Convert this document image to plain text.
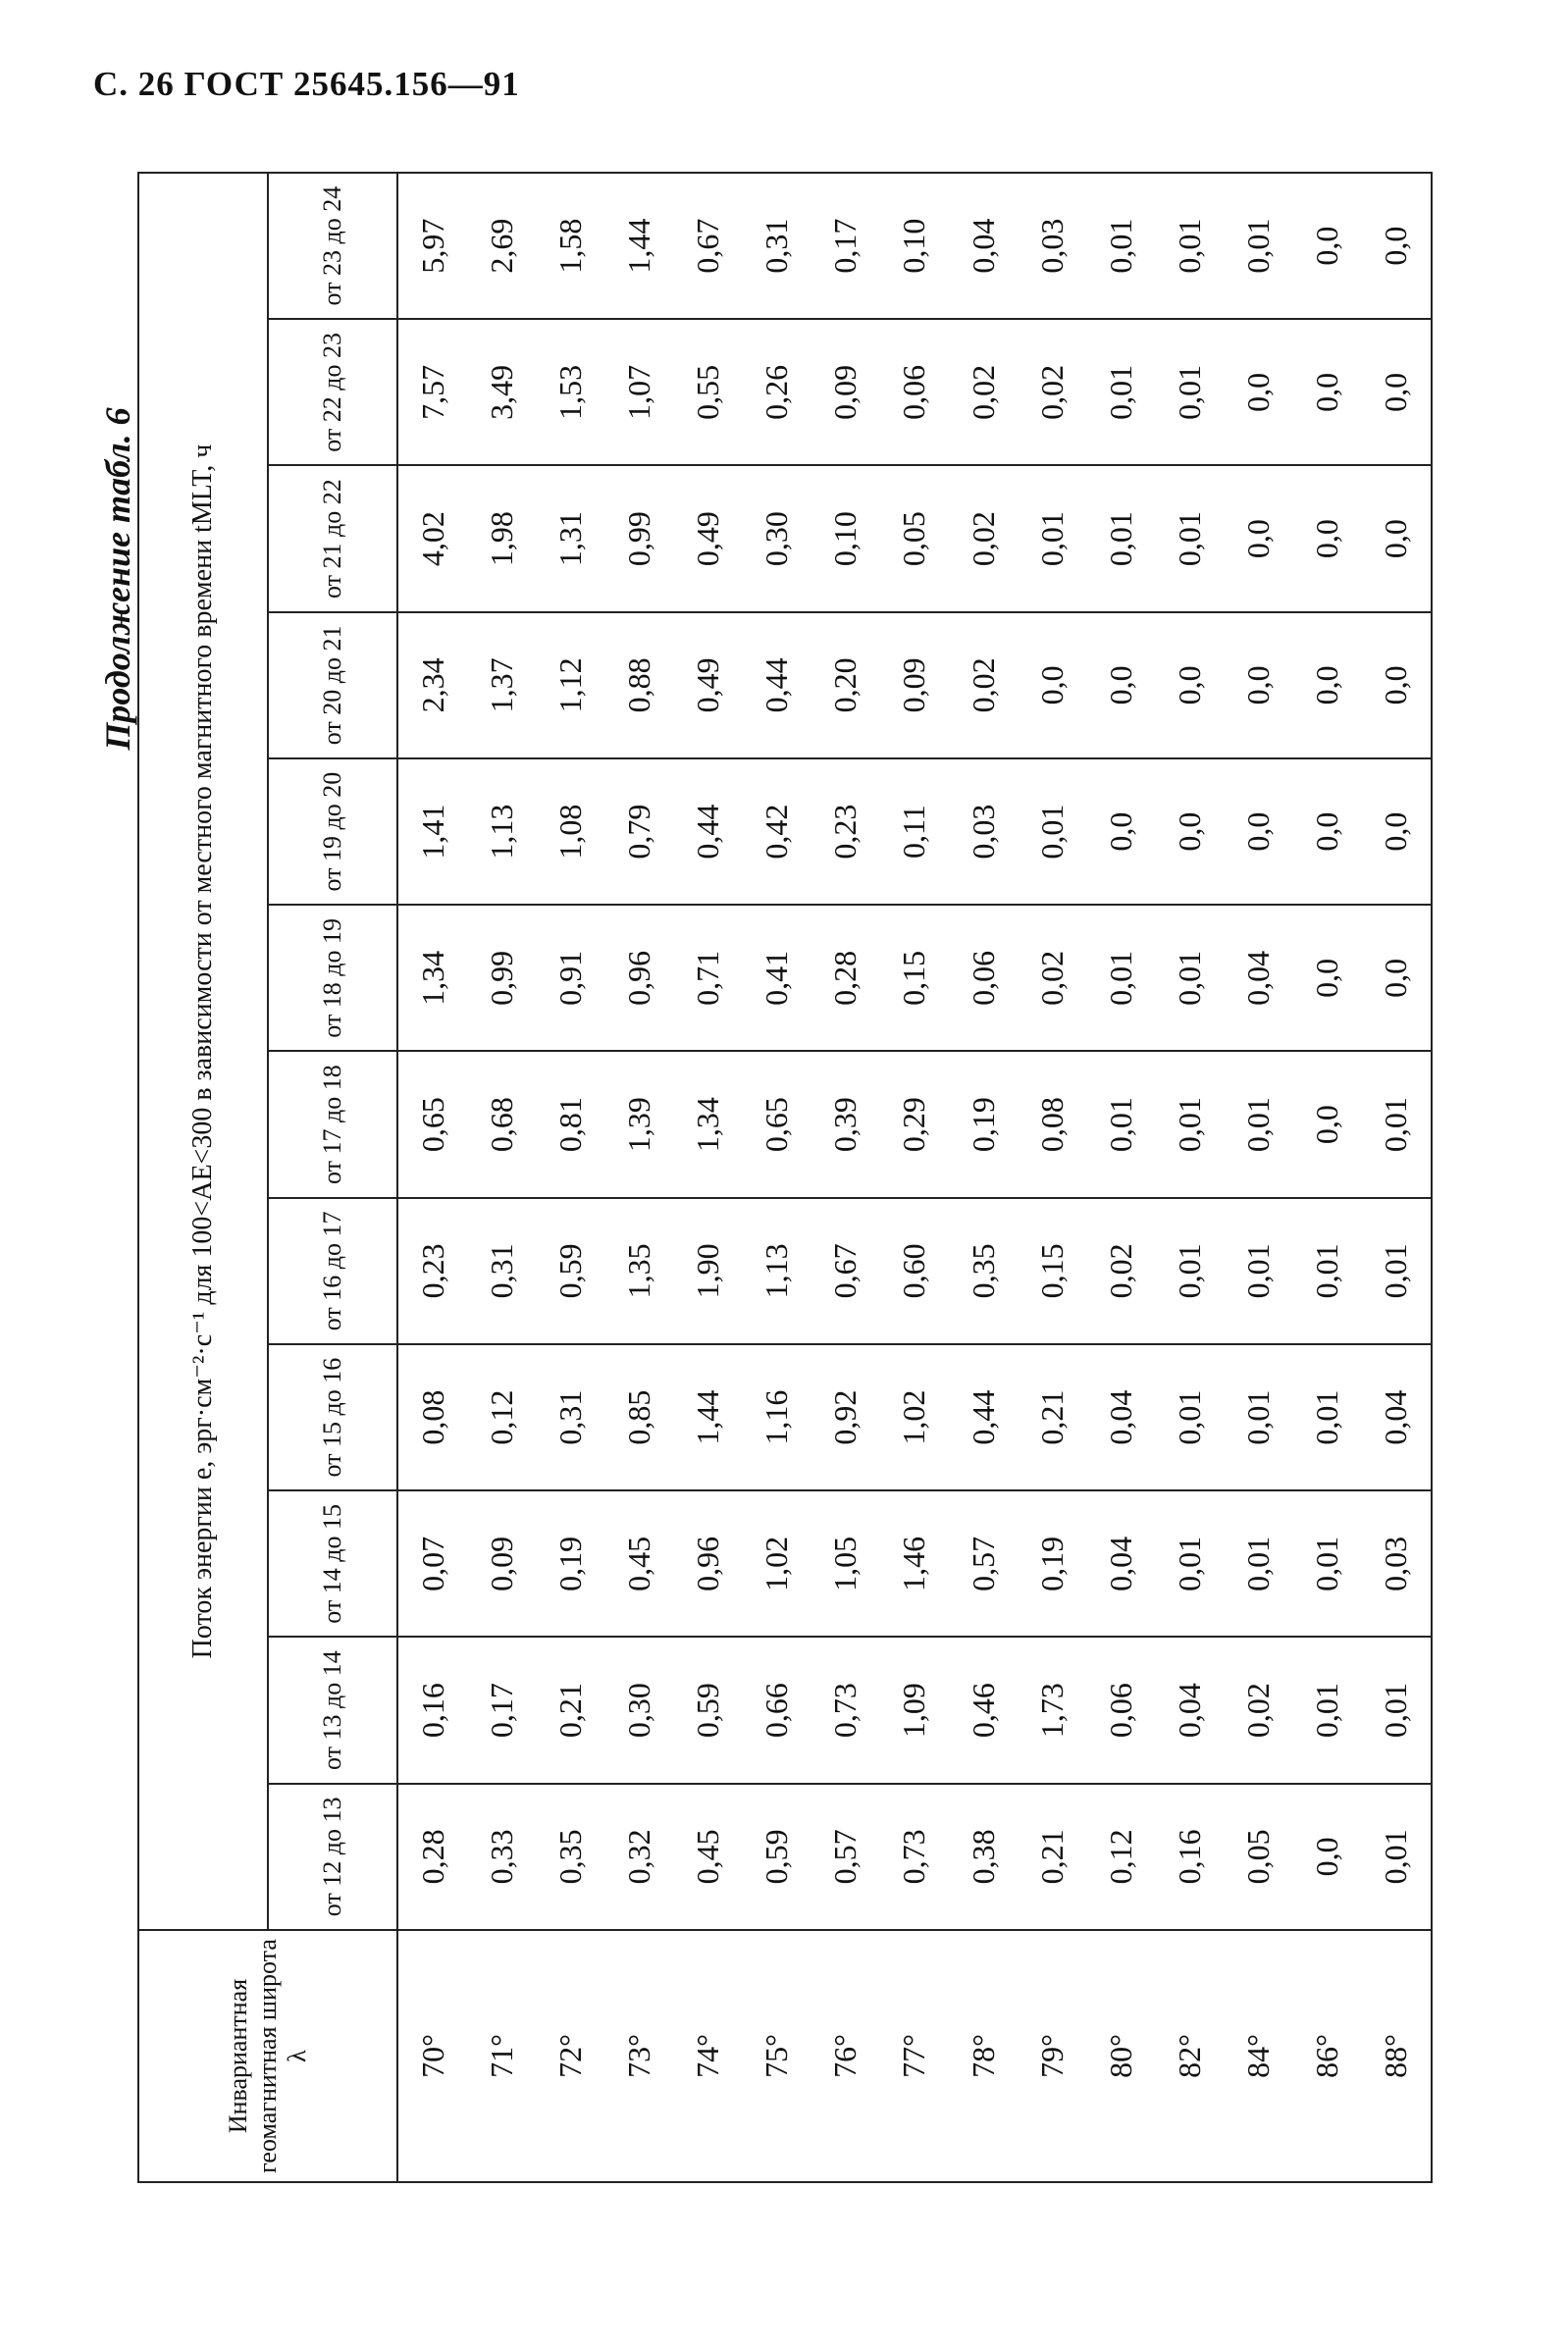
С. 26 ГОСТ 25645.156—91
Продолжение табл. 6
Инвариантная геомагнитная широта λ	Поток энергии e, эрг·см⁻²·с⁻¹ для 100<AE<300 в зависимости от местного магнитного времени tMLT, ч											
	от 12 до 13	от 13 до 14	от 14 до 15	от 15 до 16	от 16 до 17	от 17 до 18	от 18 до 19	от 19 до 20	от 20 до 21	от 21 до 22	от 22 до 23	от 23 до 24
70°	0,28	0,16	0,07	0,08	0,23	0,65	1,34	1,41	2,34	4,02	7,57	5,97
71°	0,33	0,17	0,09	0,12	0,31	0,68	0,99	1,13	1,37	1,98	3,49	2,69
72°	0,35	0,21	0,19	0,31	0,59	0,81	0,91	1,08	1,12	1,31	1,53	1,58
73°	0,32	0,30	0,45	0,85	1,35	1,39	0,96	0,79	0,88	0,99	1,07	1,44
74°	0,45	0,59	0,96	1,44	1,90	1,34	0,71	0,44	0,49	0,49	0,55	0,67
75°	0,59	0,66	1,02	1,16	1,13	0,65	0,41	0,42	0,44	0,30	0,26	0,31
76°	0,57	0,73	1,05	0,92	0,67	0,39	0,28	0,23	0,20	0,10	0,09	0,17
77°	0,73	1,09	1,46	1,02	0,60	0,29	0,15	0,11	0,09	0,05	0,06	0,10
78°	0,38	0,46	0,57	0,44	0,35	0,19	0,06	0,03	0,02	0,02	0,02	0,04
79°	0,21	1,73	0,19	0,21	0,15	0,08	0,02	0,01	0,0	0,01	0,02	0,03
80°	0,12	0,06	0,04	0,04	0,02	0,01	0,01	0,0	0,0	0,01	0,01	0,01
82°	0,16	0,04	0,01	0,01	0,01	0,01	0,01	0,0	0,0	0,01	0,01	0,01
84°	0,05	0,02	0,01	0,01	0,01	0,01	0,04	0,0	0,0	0,0	0,0	0,01
86°	0,0	0,01	0,01	0,01	0,01	0,0	0,0	0,0	0,0	0,0	0,0	0,0
88°	0,01	0,01	0,03	0,04	0,01	0,01	0,0	0,0	0,0	0,0	0,0	0,0
